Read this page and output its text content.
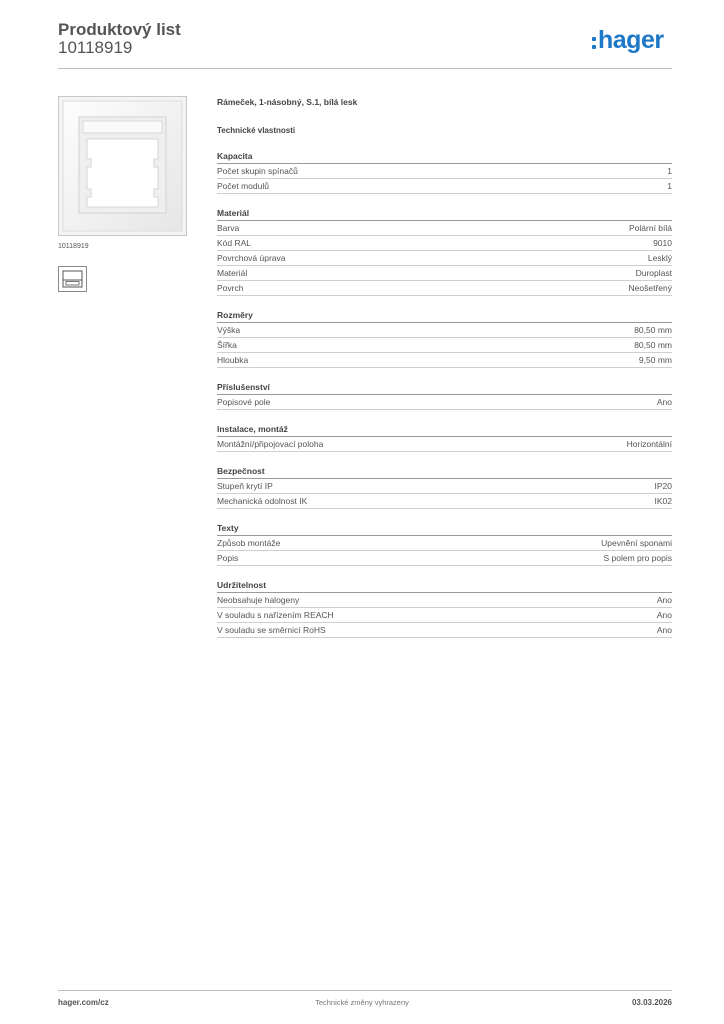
Produktový list
10118919	hager
10118919
Rámeček, 1-násobný, S.1, bílá lesk
Technické vlastnosti
Kapacita
Počet skupin spínačů	1
Počet modulů	1
Materiál
Barva	Polární bílá
Kód RAL	9010
Povrchová úprava	Lesklý
Materiál	Duroplast
Povrch	Neošetřený
Rozměry
Výška	80,50 mm
Šířka	80,50 mm
Hloubka	9,50 mm
Příslušenství
Popisové pole	Ano
Instalace, montáž
Montážní/připojovací poloha	Horizontální
Bezpečnost
Stupeň krytí IP	IP20
Mechanická odolnost IK	IK02
Texty
Způsob montáže	Upevnění sponami
Popis	S polem pro popis
Udržitelnost
Neobsahuje halogeny	Ano
V souladu s nařízením REACH	Ano
V souladu se směrnicí RoHS	Ano
hager.com/cz	Technické změny vyhrazeny	03.03.2026
